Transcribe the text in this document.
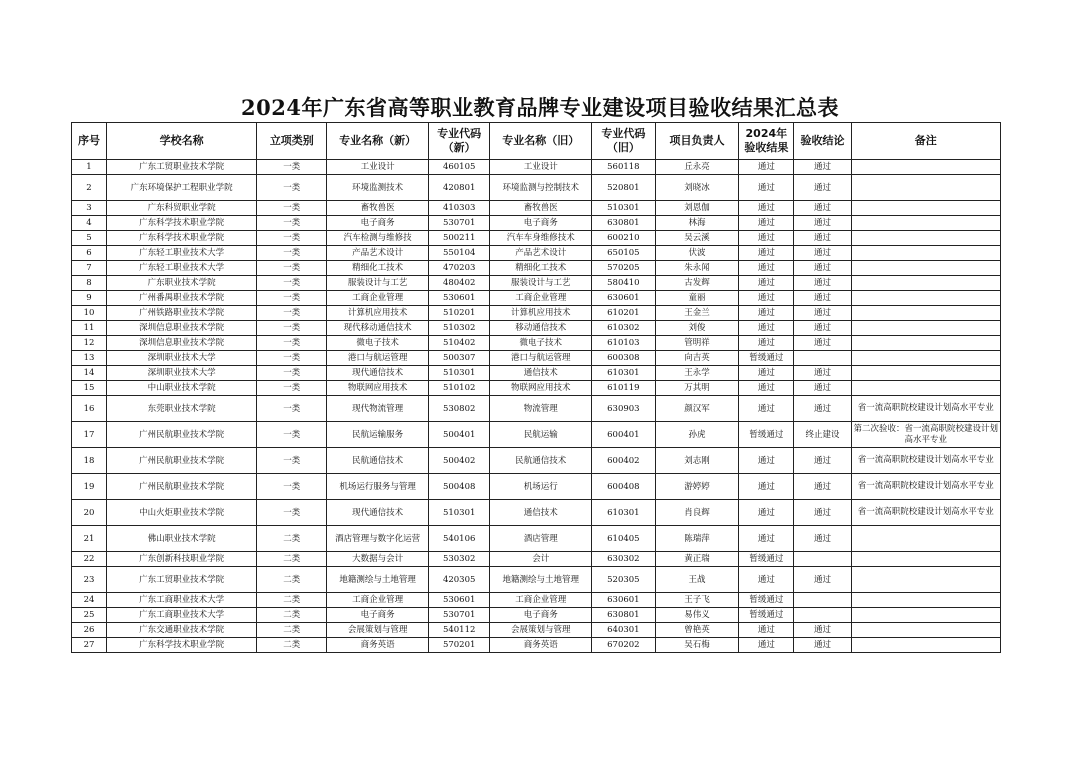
2024年广东省高等职业教育品牌专业建设项目验收结果汇总表
序号	学校名称	立项类别	专业名称（新）	专业代码（新）	专业名称（旧）	专业代码（旧）	项目负责人	2024年验收结果	验收结论	备注
1	广东工贸职业技术学院	一类	工业设计	460105	工业设计	560118	丘永亮	通过	通过	
2	广东环境保护工程职业学院	一类	环境监测技术	420801	环境监测与控制技术	520801	刘晓冰	通过	通过	
3	广东科贸职业学院	一类	畜牧兽医	410303	畜牧兽医	510301	刘恩伽	通过	通过	
4	广东科学技术职业学院	一类	电子商务	530701	电子商务	630801	林海	通过	通过	
5	广东科学技术职业学院	一类	汽车检测与维修技	500211	汽车车身维修技术	600210	吴云溪	通过	通过	
6	广东轻工职业技术大学	一类	产品艺术设计	550104	产品艺术设计	650105	伏波	通过	通过	
7	广东轻工职业技术大学	一类	精细化工技术	470203	精细化工技术	570205	朱永闻	通过	通过	
8	广东职业技术学院	一类	服装设计与工艺	480402	服装设计与工艺	580410	古发辉	通过	通过	
9	广州番禺职业技术学院	一类	工商企业管理	530601	工商企业管理	630601	童丽	通过	通过	
10	广州铁路职业技术学院	一类	计算机应用技术	510201	计算机应用技术	610201	王金兰	通过	通过	
11	深圳信息职业技术学院	一类	现代移动通信技术	510302	移动通信技术	610302	刘俊	通过	通过	
12	深圳信息职业技术学院	一类	微电子技术	510402	微电子技术	610103	管明祥	通过	通过	
13	深圳职业技术大学	一类	港口与航运管理	500307	港口与航运管理	600308	向吉英	暂缓通过		
14	深圳职业技术大学	一类	现代通信技术	510301	通信技术	610301	王永学	通过	通过	
15	中山职业技术学院	一类	物联网应用技术	510102	物联网应用技术	610119	万其明	通过	通过	
16	东莞职业技术学院	一类	现代物流管理	530802	物流管理	630903	颜汉军	通过	通过	省一流高职院校建设计划高水平专业
17	广州民航职业技术学院	一类	民航运输服务	500401	民航运输	600401	孙虎	暂缓通过	终止建设	第二次验收：省一流高职院校建设计划高水平专业
18	广州民航职业技术学院	一类	民航通信技术	500402	民航通信技术	600402	刘志刚	通过	通过	省一流高职院校建设计划高水平专业
19	广州民航职业技术学院	一类	机场运行服务与管理	500408	机场运行	600408	游婷婷	通过	通过	省一流高职院校建设计划高水平专业
20	中山火炬职业技术学院	一类	现代通信技术	510301	通信技术	610301	肖良辉	通过	通过	省一流高职院校建设计划高水平专业
21	佛山职业技术学院	二类	酒店管理与数字化运营	540106	酒店管理	610405	陈瑞萍	通过	通过	
22	广东创新科技职业学院	二类	大数据与会计	530302	会计	630302	黄正瑞	暂缓通过		
23	广东工贸职业技术学院	二类	地籍测绘与土地管理	420305	地籍测绘与土地管理	520305	王战	通过	通过	
24	广东工商职业技术大学	二类	工商企业管理	530601	工商企业管理	630601	王子飞	暂缓通过		
25	广东工商职业技术大学	二类	电子商务	530701	电子商务	630801	易伟义	暂缓通过		
26	广东交通职业技术学院	二类	会展策划与管理	540112	会展策划与管理	640301	曾艳英	通过	通过	
27	广东科学技术职业学院	二类	商务英语	570201	商务英语	670202	吴石梅	通过	通过	
